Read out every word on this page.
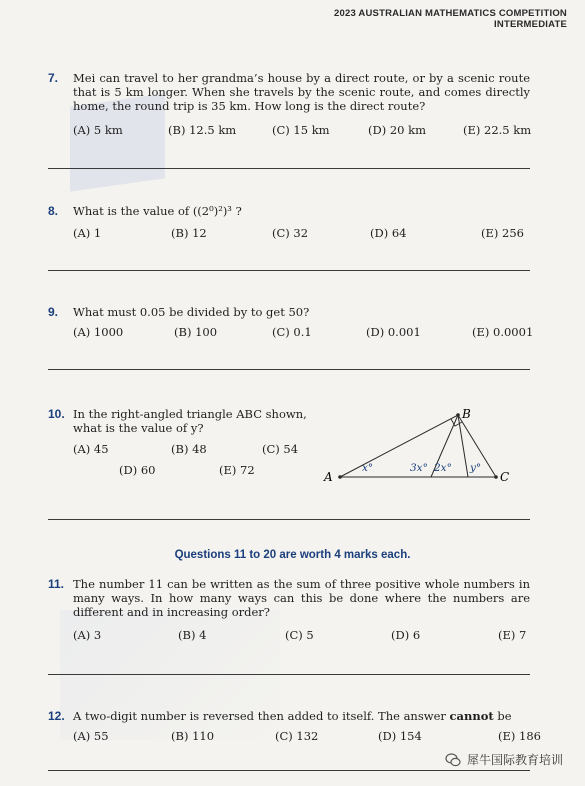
2023 AUSTRALIAN MATHEMATICS COMPETITION
INTERMEDIATE
7. Mei can travel to her grandma’s house by a direct route, or by a scenic route that is 5 km longer. When she travels by the scenic route, and comes directly home, the round trip is 35 km. How long is the direct route?
(A) 5 km	(B) 12.5 km	(C) 15 km	(D) 20 km	(E) 22.5 km
8. What is the value of ((2⁰)²)³ ?
(A) 1	(B) 12	(C) 32	(D) 64	(E) 256
9. What must 0.05 be divided by to get 50?
(A) 1000	(B) 100	(C) 0.1	(D) 0.001	(E) 0.0001
10. In the right-angled triangle ABC shown,
what is the value of y?
(A) 45	(B) 48	(C) 54
(D) 60	(E) 72	A
B
C
x°	3x° 2x° y°
Questions 11 to 20 are worth 4 marks each.
11. The number 11 can be written as the sum of three positive whole numbers in many ways. In how many ways can this be done where the numbers are different and in increasing order?
(A) 3	(B) 4	(C) 5	(D) 6	(E) 7
12. A two-digit number is reversed then added to itself. The answer cannot be
(A) 55	(B) 110	(C) 132	(D) 154	(E) 186
犀牛国际教育培训
